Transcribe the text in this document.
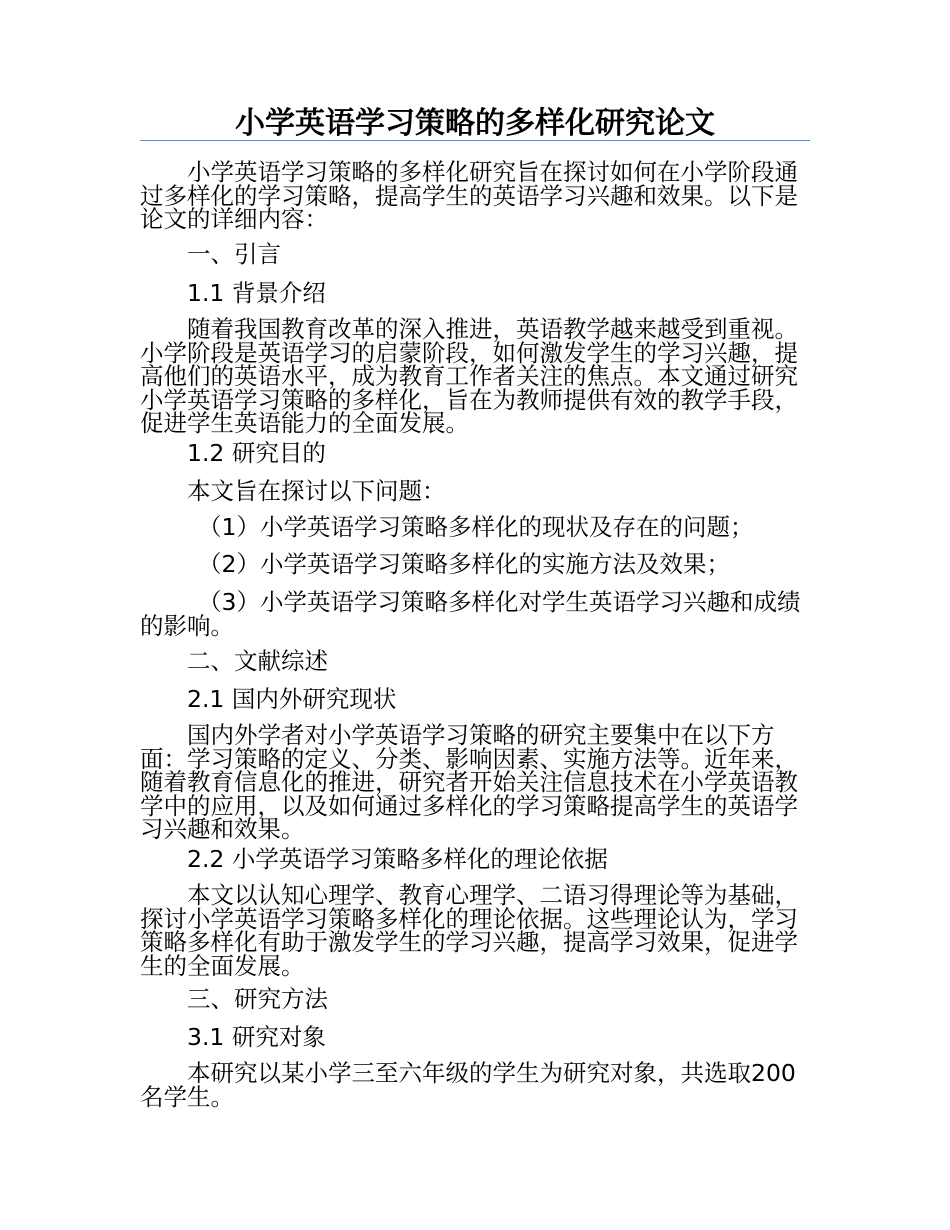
小学英语学习策略的多样化研究论文
小学英语学习策略的多样化研究旨在探讨如何在小学阶段通过多样化的学习策略，提高学生的英语学习兴趣和效果。以下是论文的详细内容：
一、引言
1.1 背景介绍
随着我国教育改革的深入推进，英语教学越来越受到重视。小学阶段是英语学习的启蒙阶段，如何激发学生的学习兴趣，提高他们的英语水平，成为教育工作者关注的焦点。本文通过研究小学英语学习策略的多样化，旨在为教师提供有效的教学手段，促进学生英语能力的全面发展。
1.2 研究目的
本文旨在探讨以下问题：
（1）小学英语学习策略多样化的现状及存在的问题；
（2）小学英语学习策略多样化的实施方法及效果；
（3）小学英语学习策略多样化对学生英语学习兴趣和成绩的影响。
二、文献综述
2.1 国内外研究现状
国内外学者对小学英语学习策略的研究主要集中在以下方面：学习策略的定义、分类、影响因素、实施方法等。近年来，随着教育信息化的推进，研究者开始关注信息技术在小学英语教学中的应用，以及如何通过多样化的学习策略提高学生的英语学习兴趣和效果。
2.2 小学英语学习策略多样化的理论依据
本文以认知心理学、教育心理学、二语习得理论等为基础，探讨小学英语学习策略多样化的理论依据。这些理论认为，学习策略多样化有助于激发学生的学习兴趣，提高学习效果，促进学生的全面发展。
三、研究方法
3.1 研究对象
本研究以某小学三至六年级的学生为研究对象，共选取200名学生。
